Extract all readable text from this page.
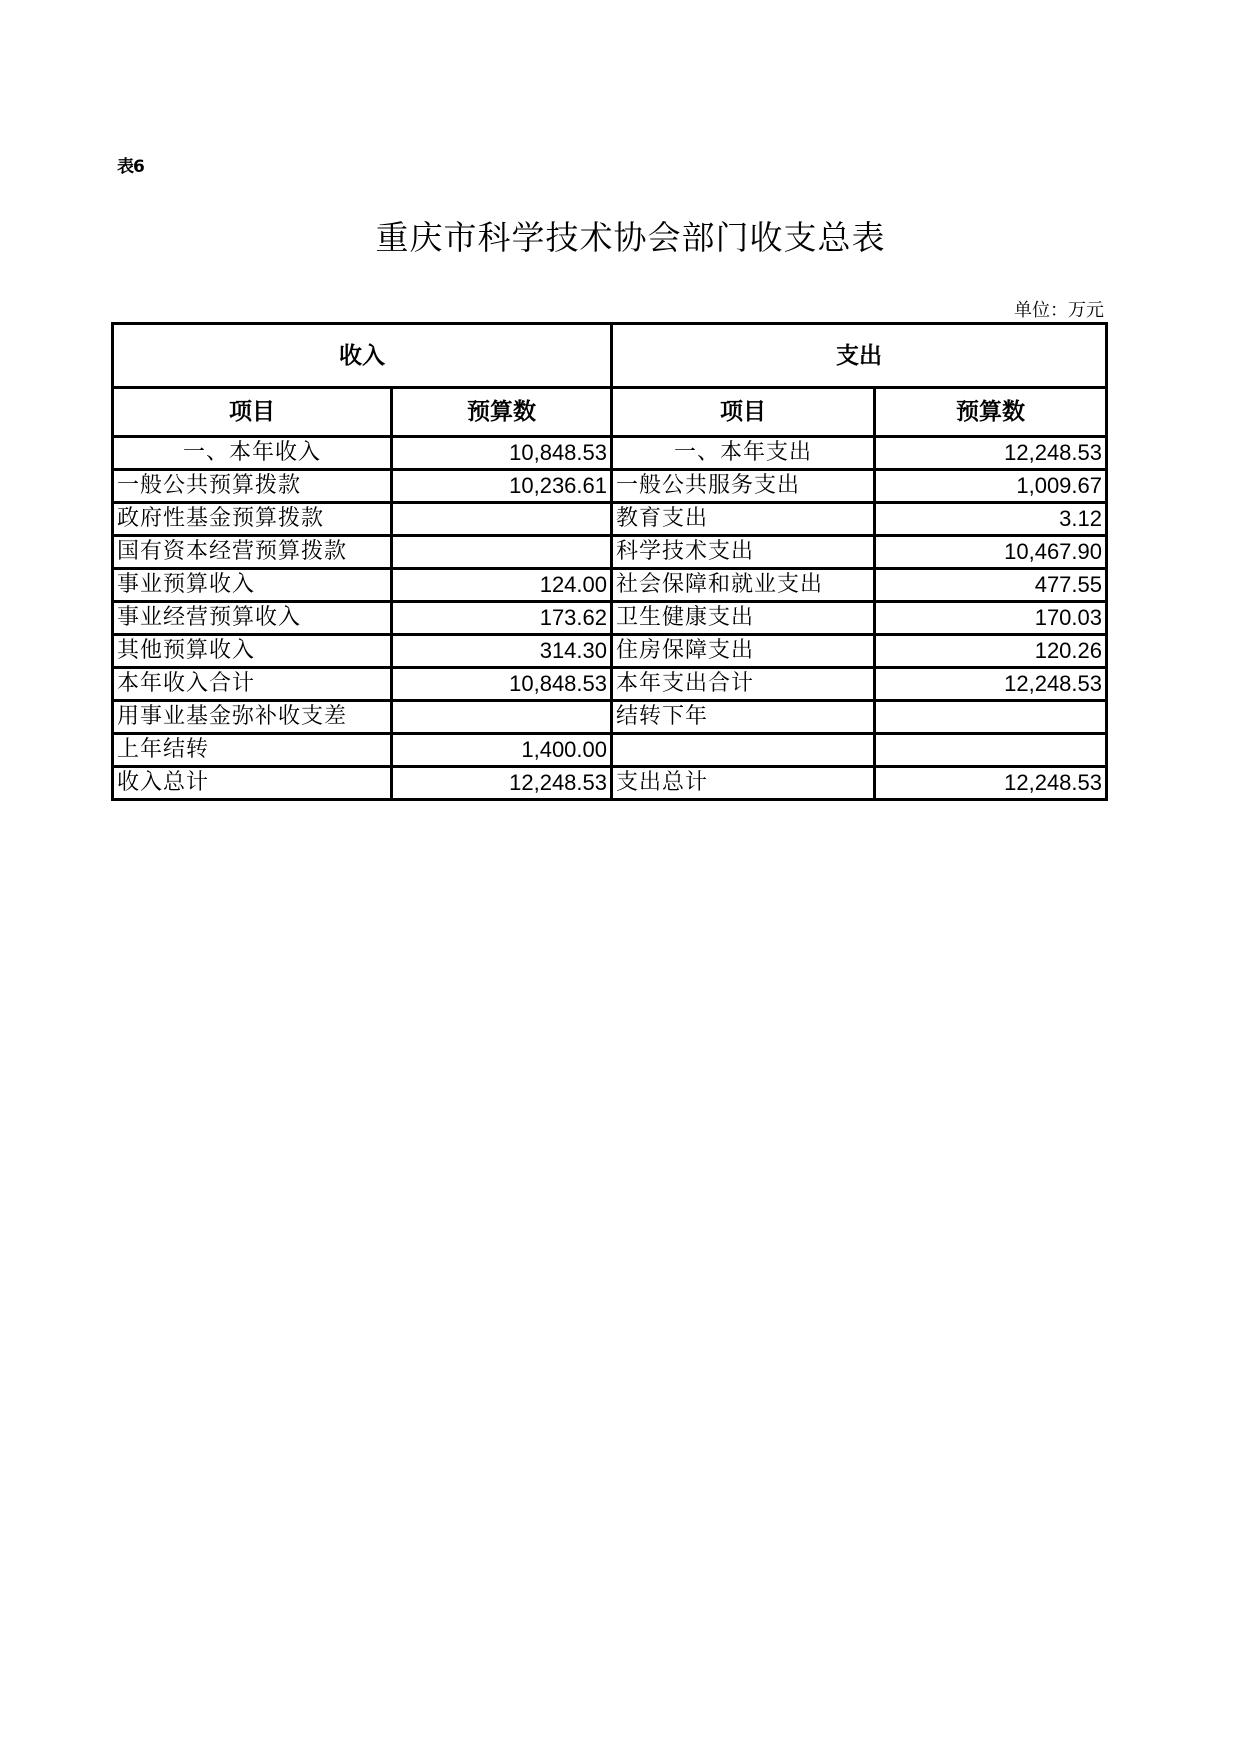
表6
重庆市科学技术协会部门收支总表
单位：万元
收入		支出	
项目	预算数	项目	预算数
一、本年收入	10,848.53	一、本年支出	12,248.53
一般公共预算拨款	10,236.61	一般公共服务支出	1,009.67
政府性基金预算拨款		教育支出	3.12
国有资本经营预算拨款		科学技术支出	10,467.90
事业预算收入	124.00	社会保障和就业支出	477.55
事业经营预算收入	173.62	卫生健康支出	170.03
其他预算收入	314.30	住房保障支出	120.26
本年收入合计	10,848.53	本年支出合计	12,248.53
用事业基金弥补收支差		结转下年	
上年结转	1,400.00		
收入总计	12,248.53	支出总计	12,248.53
